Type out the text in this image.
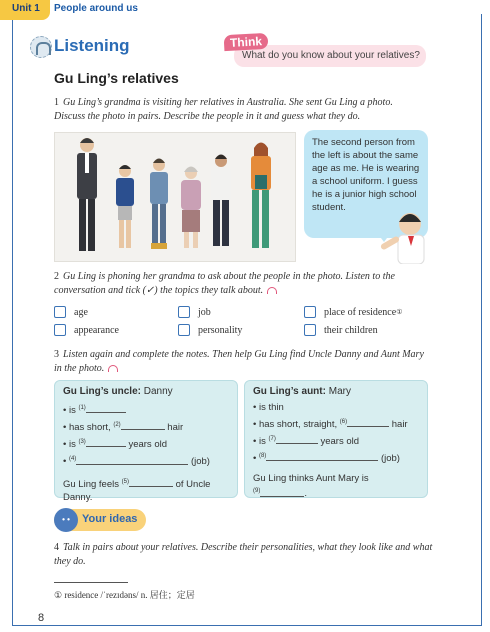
Unit 1	People around us
Listening
What do you know about your relatives?
Think
Gu Ling’s relatives
1 Gu Ling’s grandma is visiting her relatives in Australia. She sent Gu Ling a photo. Discuss the photo in pairs. Describe the people in it and guess what they do.
The second person from the left is about the same age as me. He is wearing a school uniform. I guess he is a junior high school student.
2 Gu Ling is phoning her grandma to ask about the people in the photo. Listen to the conversation and tick (✓) the topics they talk about.
age	job	place of residence ①
appearance	personality	their children
3 Listen again and complete the notes. Then help Gu Ling find Uncle Danny and Aunt Mary in the photo.
Gu Ling’s uncle: Danny
• is $^{(1)}$
• has short, $^{(2)}$	hair
• is $^{(3)}$	years old
• $^{(4)}$	(job)
Gu Ling feels $^{(5)}$	of Uncle Danny.
Gu Ling’s aunt: Mary
• is thin
• has short, straight, $^{(6)}$	hair
• is $^{(7)}$	years old
• $^{(8)}$	(job)
Gu Ling thinks Aunt Mary is
$^{(9)}$	.
• •	Your ideas
4 Talk in pairs about your relatives. Describe their personalities, what they look like and what they do.
① residence /ˈrezɪdəns/ n. 居住；定居
8
